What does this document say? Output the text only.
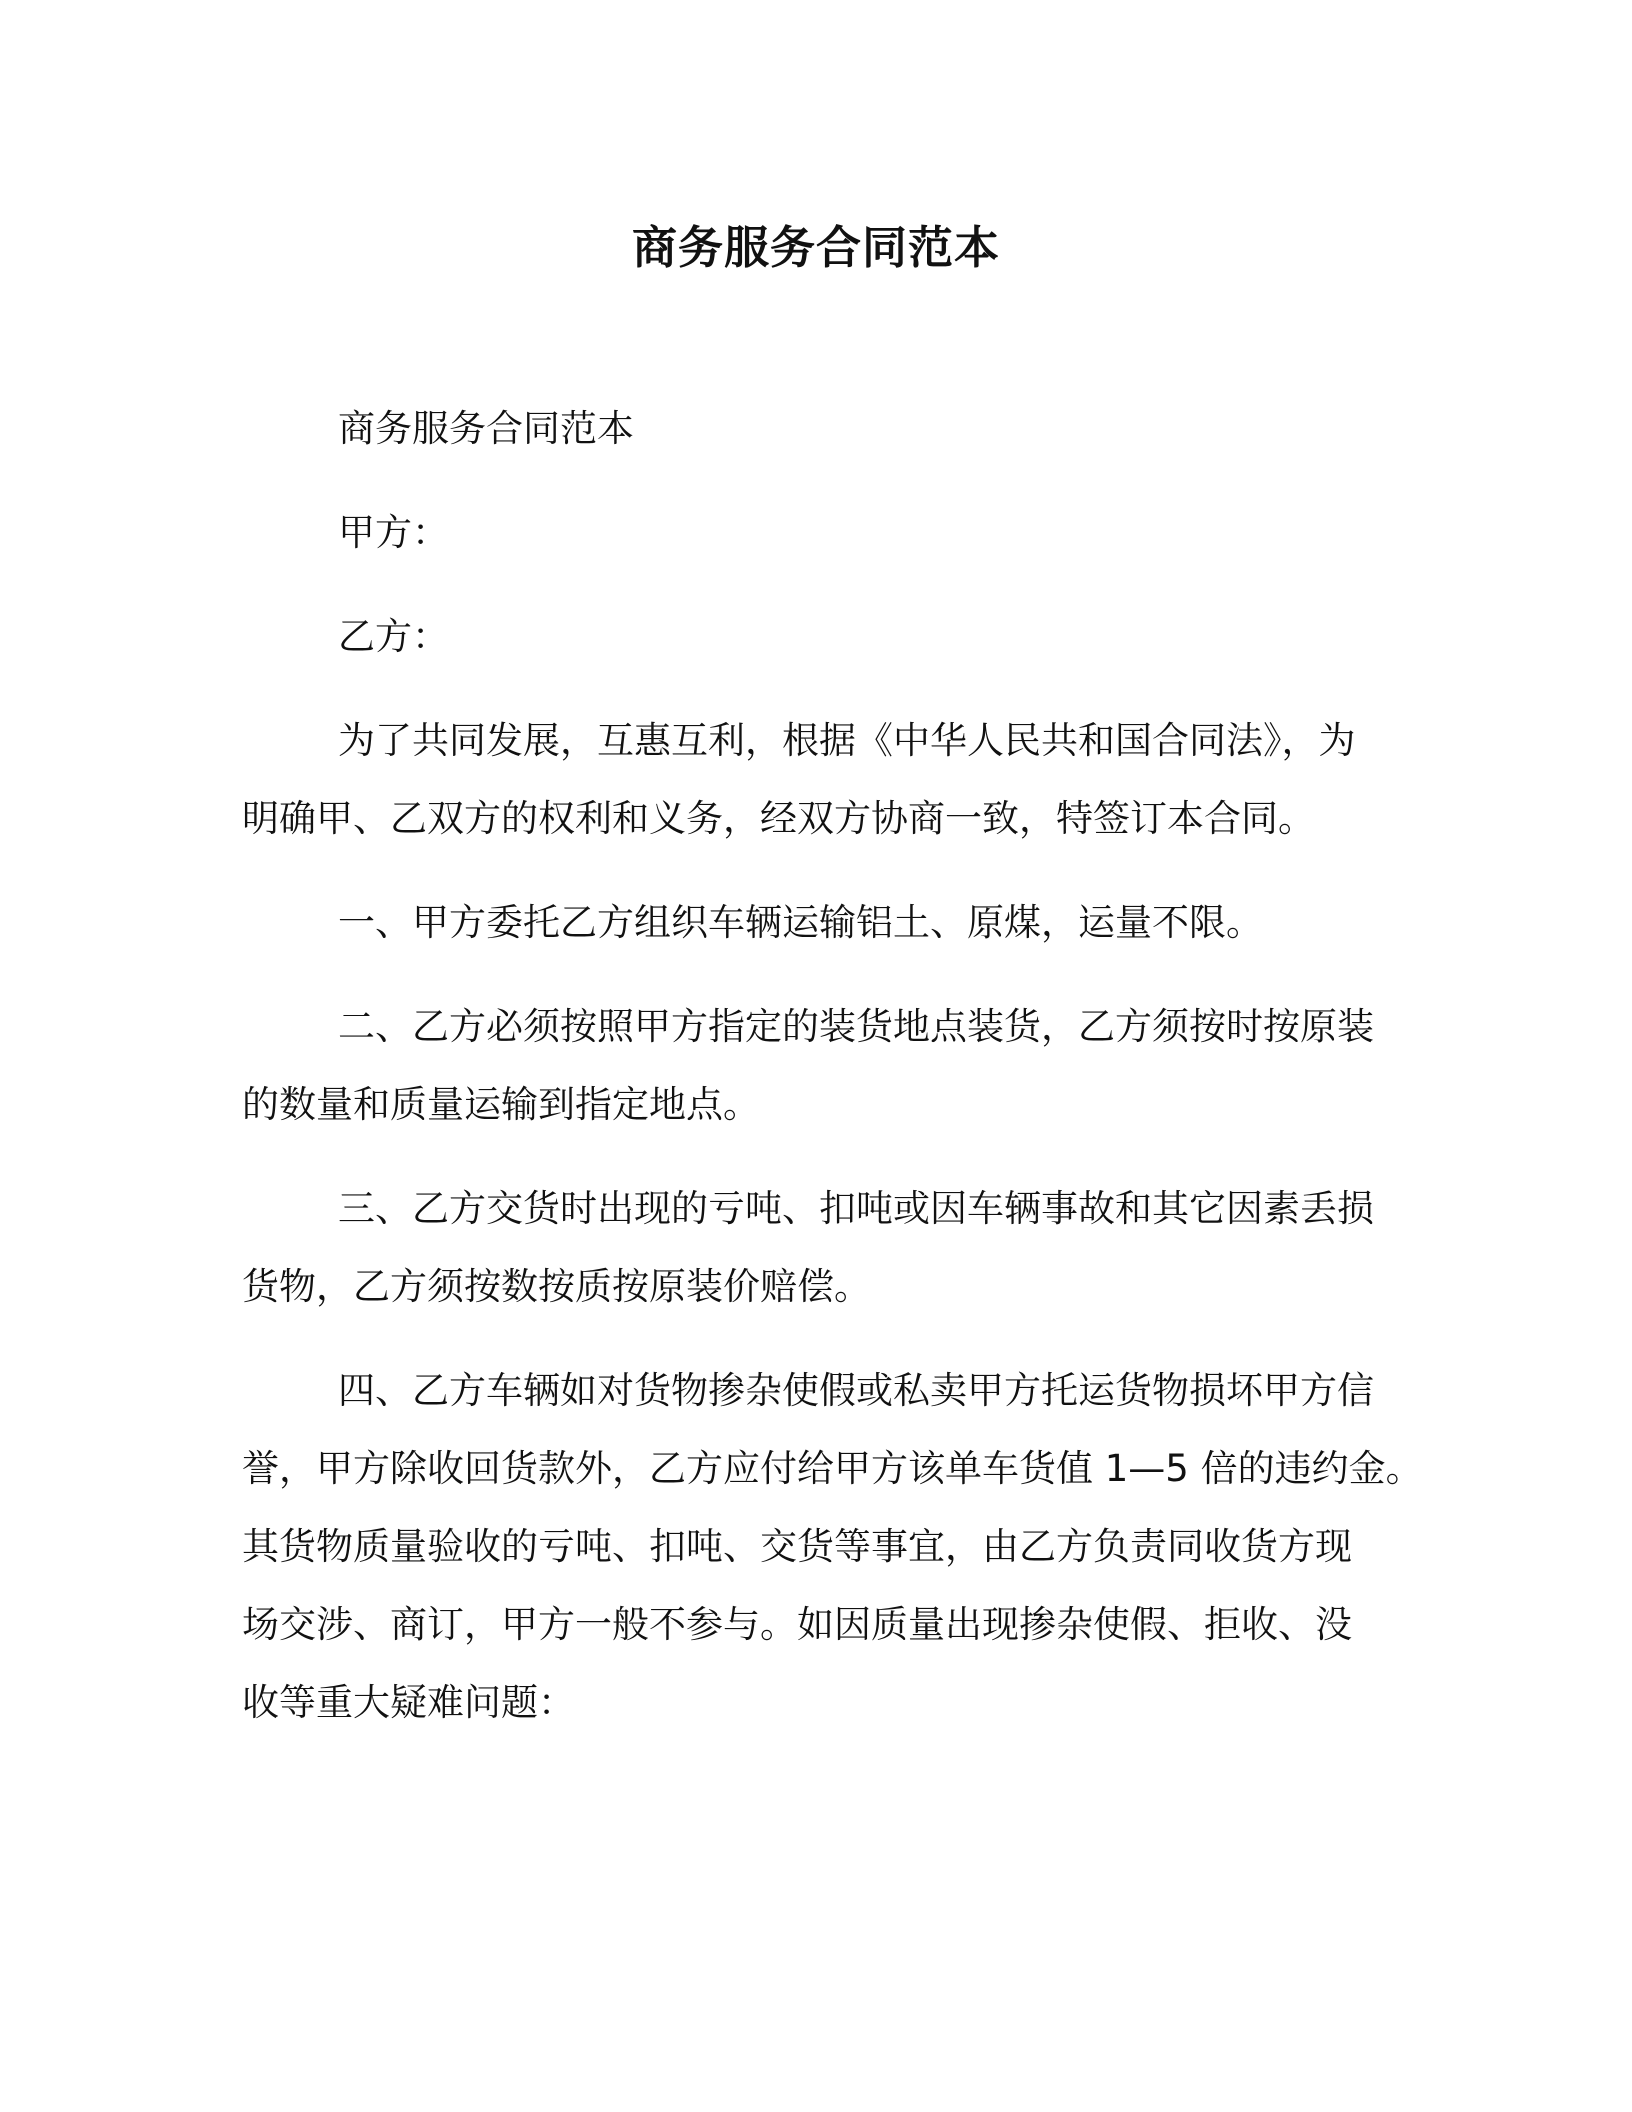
商务服务合同范本
商务服务合同范本
甲方：
乙方：
为了共同发展，互惠互利，根据《中华人民共和国合同法》，为
明确甲、乙双方的权利和义务，经双方协商一致，特签订本合同。
一、甲方委托乙方组织车辆运输铝土、原煤，运量不限。
二、乙方必须按照甲方指定的装货地点装货，乙方须按时按原装
的数量和质量运输到指定地点。
三、乙方交货时出现的亏吨、扣吨或因车辆事故和其它因素丢损
货物，乙方须按数按质按原装价赔偿。
四、乙方车辆如对货物掺杂使假或私卖甲方托运货物损坏甲方信
誉，甲方除收回货款外，乙方应付给甲方该单车货值 1—5 倍的违约金。
其货物质量验收的亏吨、扣吨、交货等事宜，由乙方负责同收货方现
场交涉、商订，甲方一般不参与。如因质量出现掺杂使假、拒收、没
收等重大疑难问题：
